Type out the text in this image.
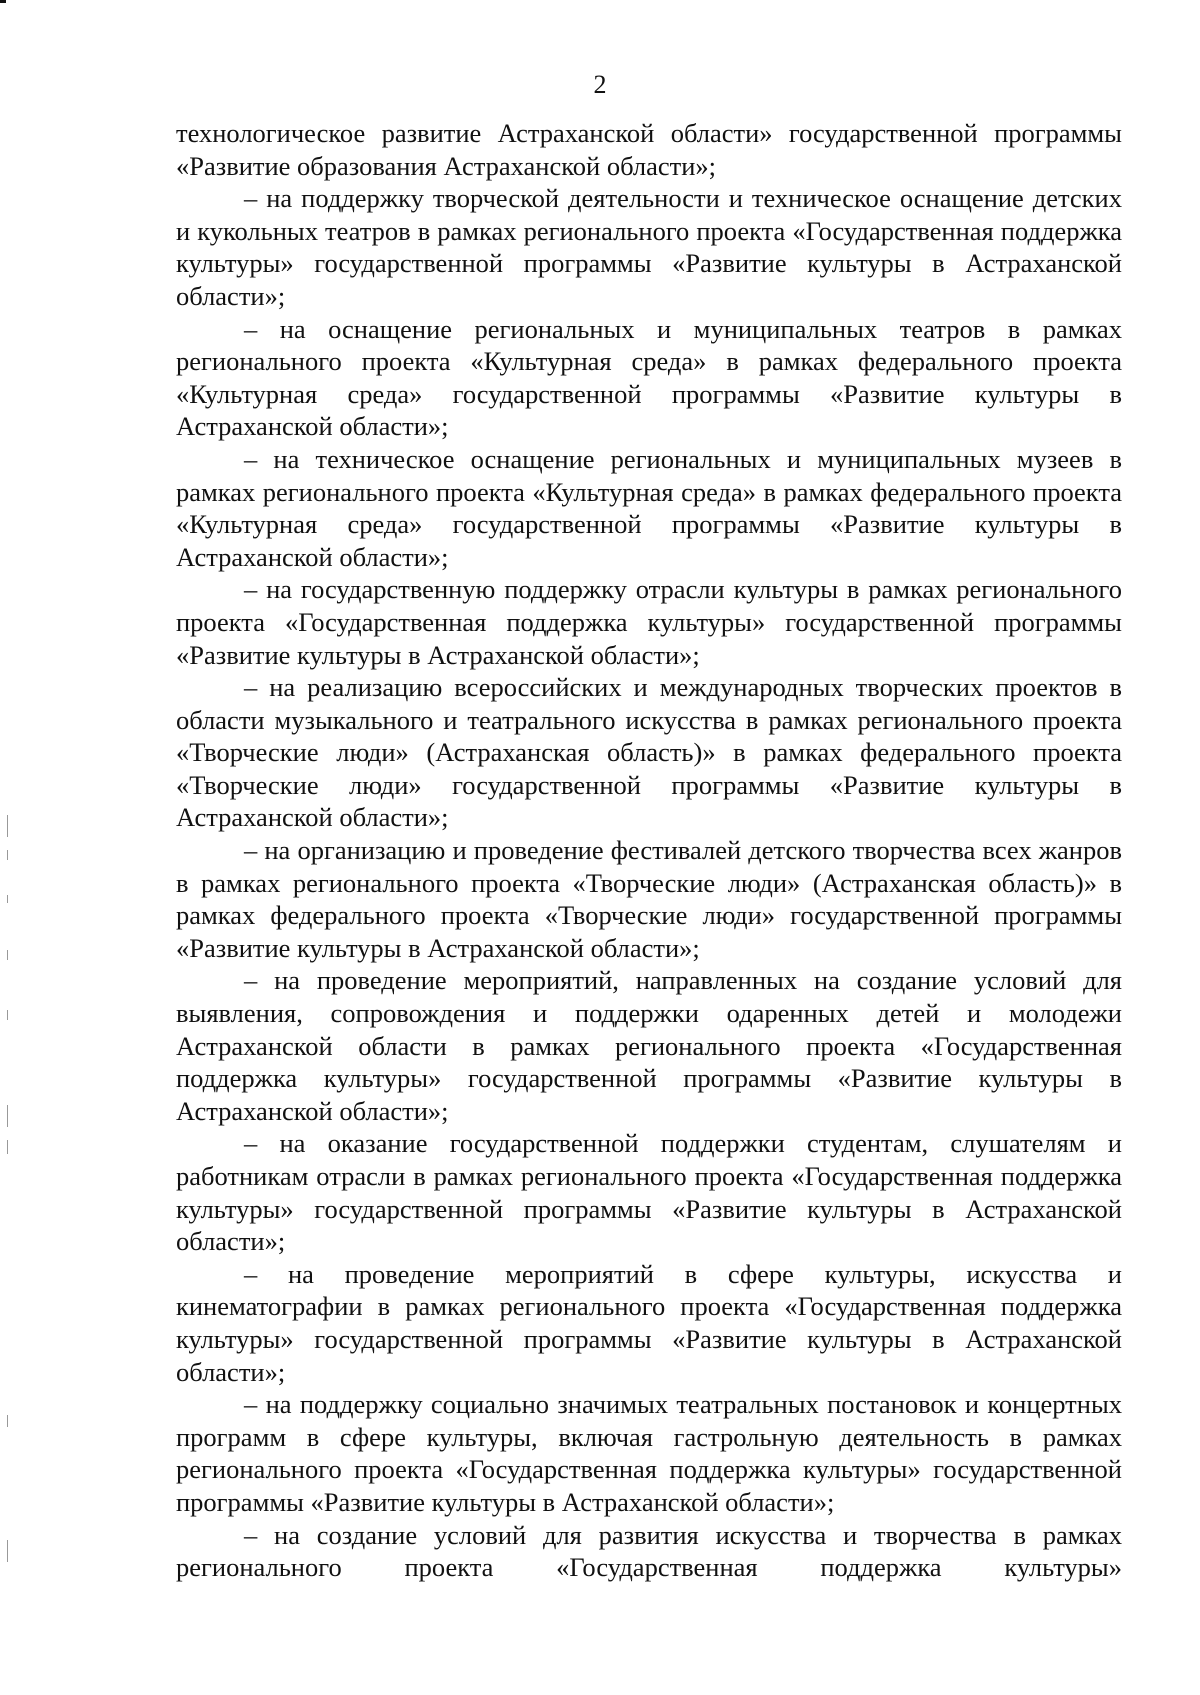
2

технологическое развитие Астраханской области» государственной программы «Развитие образования Астраханской области»;

– на поддержку творческой деятельности и техническое оснащение детских и кукольных театров в рамках регионального проекта «Государственная поддержка культуры» государственной программы «Развитие культуры в Астраханской области»;

– на оснащение региональных и муниципальных театров в рамках регионального проекта «Культурная среда» в рамках федерального проекта «Культурная среда» государственной программы «Развитие культуры в Астраханской области»;

– на техническое оснащение региональных и муниципальных музеев в рамках регионального проекта «Культурная среда» в рамках федерального проекта «Культурная среда» государственной программы «Развитие культуры в Астраханской области»;

– на государственную поддержку отрасли культуры в рамках регионального проекта «Государственная поддержка культуры» государственной программы «Развитие культуры в Астраханской области»;

– на реализацию всероссийских и международных творческих проектов в области музыкального и театрального искусства в рамках регионального проекта «Творческие люди» (Астраханская область)» в рамках федерального проекта «Творческие люди» государственной программы «Развитие культуры в Астраханской области»;

– на организацию и проведение фестивалей детского творчества всех жанров в рамках регионального проекта «Творческие люди» (Астраханская область)» в рамках федерального проекта «Творческие люди» государственной программы «Развитие культуры в Астраханской области»;

– на проведение мероприятий, направленных на создание условий для выявления, сопровождения и поддержки одаренных детей и молодежи Астраханской области в рамках регионального проекта «Государственная поддержка культуры» государственной программы «Развитие культуры в Астраханской области»;

– на оказание государственной поддержки студентам, слушателям и работникам отрасли в рамках регионального проекта «Государственная поддержка культуры» государственной программы «Развитие культуры в Астраханской области»;

– на проведение мероприятий в сфере культуры, искусства и кинематографии в рамках регионального проекта «Государственная поддержка культуры» государственной программы «Развитие культуры в Астраханской области»;

– на поддержку социально значимых театральных постановок и концертных программ в сфере культуры, включая гастрольную деятельность в рамках регионального проекта «Государственная поддержка культуры» государственной программы «Развитие культуры в Астраханской области»;

– на создание условий для развития искусства и творчества в рамках регионального проекта «Государственная поддержка культуры»
